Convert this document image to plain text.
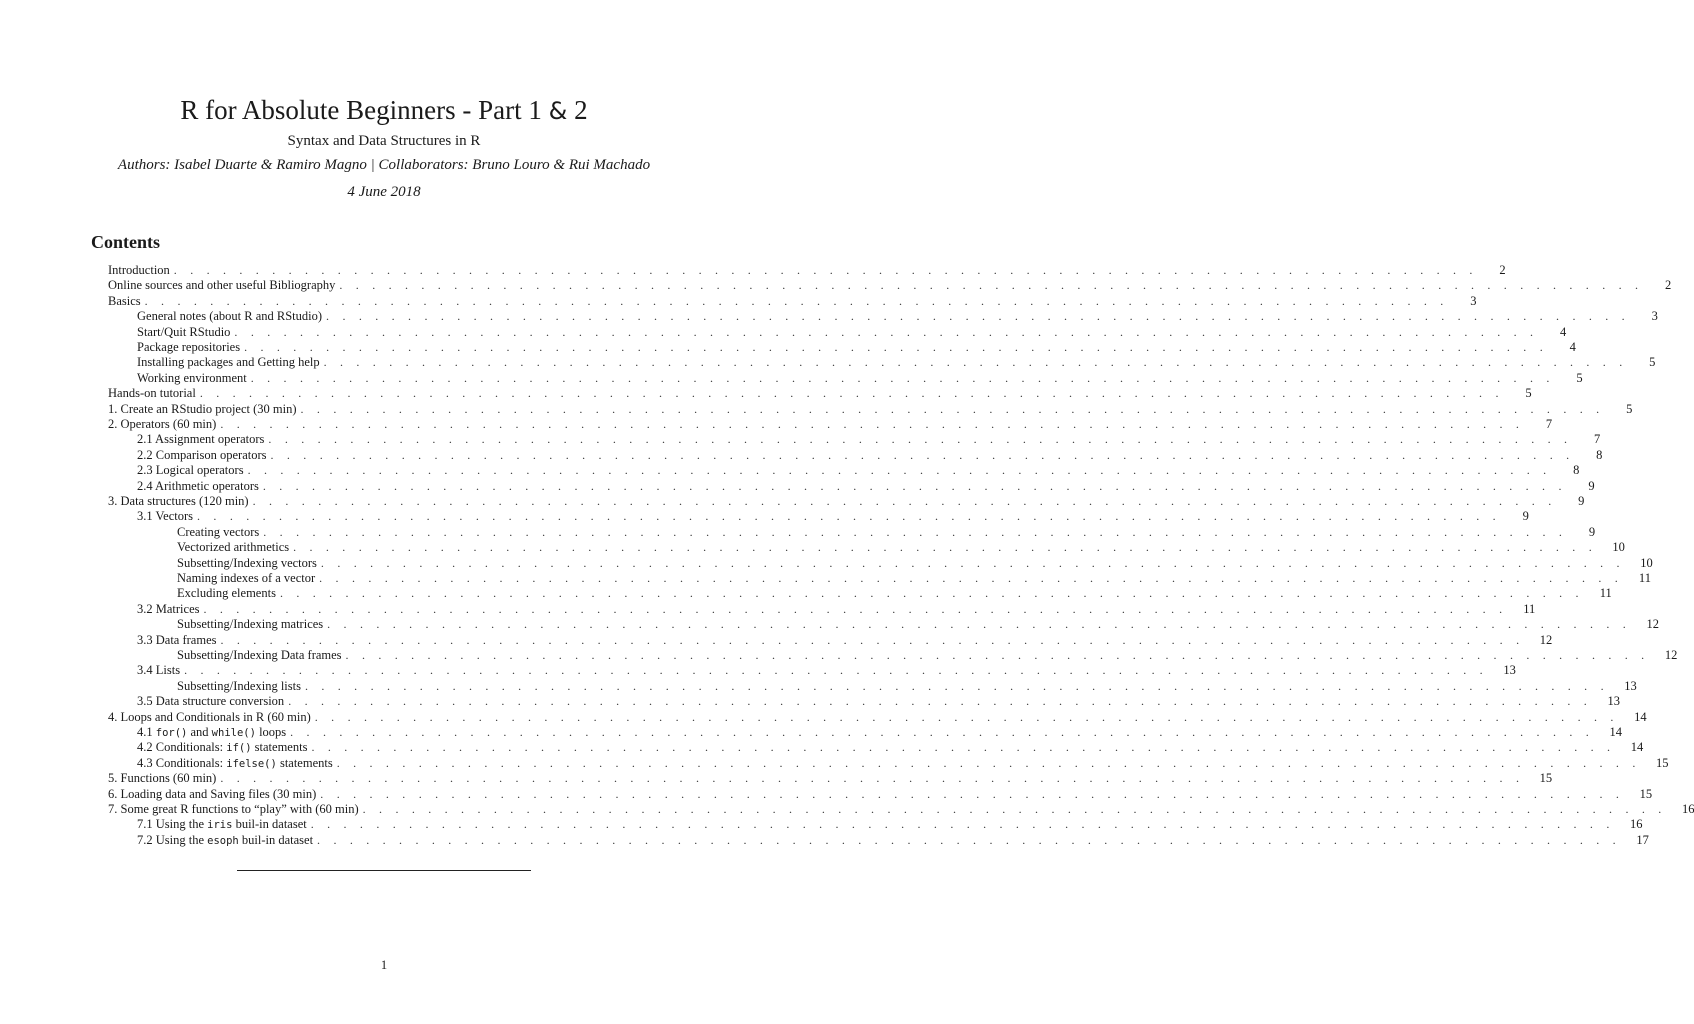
R for Absolute Beginners - Part 1 & 2
Syntax and Data Structures in R
Authors: Isabel Duarte & Ramiro Magno | Collaborators: Bruno Louro & Rui Machado
4 June 2018
Contents
Introduction . . . . . . . . . . . . . . . . . . . . . . . . . . . . . . . . . . . . . . . . . . . . . . . . . . . . . . . . . . . . . . . . . . . . . . . . . . . . . . . .	2
Online sources and other useful Bibliography . . . . . . . . . . . . . . . . . . . . . . . . . . . . . . . . . . . . . . . . . . . . . . . . . . . . . . . . . . . . . . . . . . . . . . . . . . . . . . . .	2
Basics . . . . . . . . . . . . . . . . . . . . . . . . . . . . . . . . . . . . . . . . . . . . . . . . . . . . . . . . . . . . . . . . . . . . . . . . . . . . . . . .	3
General notes (about R and RStudio) . . . . . . . . . . . . . . . . . . . . . . . . . . . . . . . . . . . . . . . . . . . . . . . . . . . . . . . . . . . . . . . . . . . . . . . . . . . . . . . .	3
Start/Quit RStudio . . . . . . . . . . . . . . . . . . . . . . . . . . . . . . . . . . . . . . . . . . . . . . . . . . . . . . . . . . . . . . . . . . . . . . . . . . . . . . . .	4
Package repositories . . . . . . . . . . . . . . . . . . . . . . . . . . . . . . . . . . . . . . . . . . . . . . . . . . . . . . . . . . . . . . . . . . . . . . . . . . . . . . . .	4
Installing packages and Getting help . . . . . . . . . . . . . . . . . . . . . . . . . . . . . . . . . . . . . . . . . . . . . . . . . . . . . . . . . . . . . . . . . . . . . . . . . . . . . . . .	5
Working environment . . . . . . . . . . . . . . . . . . . . . . . . . . . . . . . . . . . . . . . . . . . . . . . . . . . . . . . . . . . . . . . . . . . . . . . . . . . . . . . .	5
Hands-on tutorial . . . . . . . . . . . . . . . . . . . . . . . . . . . . . . . . . . . . . . . . . . . . . . . . . . . . . . . . . . . . . . . . . . . . . . . . . . . . . . . .	5
1. Create an RStudio project (30 min) . . . . . . . . . . . . . . . . . . . . . . . . . . . . . . . . . . . . . . . . . . . . . . . . . . . . . . . . . . . . . . . . . . . . . . . . . . . . . . . .	5
2. Operators (60 min) . . . . . . . . . . . . . . . . . . . . . . . . . . . . . . . . . . . . . . . . . . . . . . . . . . . . . . . . . . . . . . . . . . . . . . . . . . . . . . . .	7
2.1 Assignment operators . . . . . . . . . . . . . . . . . . . . . . . . . . . . . . . . . . . . . . . . . . . . . . . . . . . . . . . . . . . . . . . . . . . . . . . . . . . . . . . .	7
2.2 Comparison operators . . . . . . . . . . . . . . . . . . . . . . . . . . . . . . . . . . . . . . . . . . . . . . . . . . . . . . . . . . . . . . . . . . . . . . . . . . . . . . . .	8
2.3 Logical operators . . . . . . . . . . . . . . . . . . . . . . . . . . . . . . . . . . . . . . . . . . . . . . . . . . . . . . . . . . . . . . . . . . . . . . . . . . . . . . . .	8
2.4 Arithmetic operators . . . . . . . . . . . . . . . . . . . . . . . . . . . . . . . . . . . . . . . . . . . . . . . . . . . . . . . . . . . . . . . . . . . . . . . . . . . . . . . .	9
3. Data structures (120 min) . . . . . . . . . . . . . . . . . . . . . . . . . . . . . . . . . . . . . . . . . . . . . . . . . . . . . . . . . . . . . . . . . . . . . . . . . . . . . . . .	9
3.1 Vectors . . . . . . . . . . . . . . . . . . . . . . . . . . . . . . . . . . . . . . . . . . . . . . . . . . . . . . . . . . . . . . . . . . . . . . . . . . . . . . . .	9
Creating vectors . . . . . . . . . . . . . . . . . . . . . . . . . . . . . . . . . . . . . . . . . . . . . . . . . . . . . . . . . . . . . . . . . . . . . . . . . . . . . . . .	9
Vectorized arithmetics . . . . . . . . . . . . . . . . . . . . . . . . . . . . . . . . . . . . . . . . . . . . . . . . . . . . . . . . . . . . . . . . . . . . . . . . . . . . . . . .	10
Subsetting/Indexing vectors . . . . . . . . . . . . . . . . . . . . . . . . . . . . . . . . . . . . . . . . . . . . . . . . . . . . . . . . . . . . . . . . . . . . . . . . . . . . . . . .	10
Naming indexes of a vector . . . . . . . . . . . . . . . . . . . . . . . . . . . . . . . . . . . . . . . . . . . . . . . . . . . . . . . . . . . . . . . . . . . . . . . . . . . . . . . .	11
Excluding elements . . . . . . . . . . . . . . . . . . . . . . . . . . . . . . . . . . . . . . . . . . . . . . . . . . . . . . . . . . . . . . . . . . . . . . . . . . . . . . . .	11
3.2 Matrices . . . . . . . . . . . . . . . . . . . . . . . . . . . . . . . . . . . . . . . . . . . . . . . . . . . . . . . . . . . . . . . . . . . . . . . . . . . . . . . .	11
Subsetting/Indexing matrices . . . . . . . . . . . . . . . . . . . . . . . . . . . . . . . . . . . . . . . . . . . . . . . . . . . . . . . . . . . . . . . . . . . . . . . . . . . . . . . .	12
3.3 Data frames . . . . . . . . . . . . . . . . . . . . . . . . . . . . . . . . . . . . . . . . . . . . . . . . . . . . . . . . . . . . . . . . . . . . . . . . . . . . . . . .	12
Subsetting/Indexing Data frames . . . . . . . . . . . . . . . . . . . . . . . . . . . . . . . . . . . . . . . . . . . . . . . . . . . . . . . . . . . . . . . . . . . . . . . . . . . . . . . .	12
3.4 Lists . . . . . . . . . . . . . . . . . . . . . . . . . . . . . . . . . . . . . . . . . . . . . . . . . . . . . . . . . . . . . . . . . . . . . . . . . . . . . . . .	13
Subsetting/Indexing lists . . . . . . . . . . . . . . . . . . . . . . . . . . . . . . . . . . . . . . . . . . . . . . . . . . . . . . . . . . . . . . . . . . . . . . . . . . . . . . . .	13
3.5 Data structure conversion . . . . . . . . . . . . . . . . . . . . . . . . . . . . . . . . . . . . . . . . . . . . . . . . . . . . . . . . . . . . . . . . . . . . . . . . . . . . . . . .	13
4. Loops and Conditionals in R (60 min) . . . . . . . . . . . . . . . . . . . . . . . . . . . . . . . . . . . . . . . . . . . . . . . . . . . . . . . . . . . . . . . . . . . . . . . . . . . . . . . .	14
4.1 for() and while() loops . . . . . . . . . . . . . . . . . . . . . . . . . . . . . . . . . . . . . . . . . . . . . . . . . . . . . . . . . . . . . . . . . . . . . . . . . . . . . . . .	14
4.2 Conditionals: if() statements . . . . . . . . . . . . . . . . . . . . . . . . . . . . . . . . . . . . . . . . . . . . . . . . . . . . . . . . . . . . . . . . . . . . . . . . . . . . . . . .	14
4.3 Conditionals: ifelse() statements . . . . . . . . . . . . . . . . . . . . . . . . . . . . . . . . . . . . . . . . . . . . . . . . . . . . . . . . . . . . . . . . . . . . . . . . . . . . . . . .	15
5. Functions (60 min) . . . . . . . . . . . . . . . . . . . . . . . . . . . . . . . . . . . . . . . . . . . . . . . . . . . . . . . . . . . . . . . . . . . . . . . . . . . . . . . .	15
6. Loading data and Saving files (30 min) . . . . . . . . . . . . . . . . . . . . . . . . . . . . . . . . . . . . . . . . . . . . . . . . . . . . . . . . . . . . . . . . . . . . . . . . . . . . . . . .	15
7. Some great R functions to “play” with (60 min) . . . . . . . . . . . . . . . . . . . . . . . . . . . . . . . . . . . . . . . . . . . . . . . . . . . . . . . . . . . . . . . . . . . . . . . . . . . . . . . .	16
7.1 Using the iris buil-in dataset . . . . . . . . . . . . . . . . . . . . . . . . . . . . . . . . . . . . . . . . . . . . . . . . . . . . . . . . . . . . . . . . . . . . . . . . . . . . . . . .	16
7.2 Using the esoph buil-in dataset . . . . . . . . . . . . . . . . . . . . . . . . . . . . . . . . . . . . . . . . . . . . . . . . . . . . . . . . . . . . . . . . . . . . . . . . . . . . . . . .	17
1
